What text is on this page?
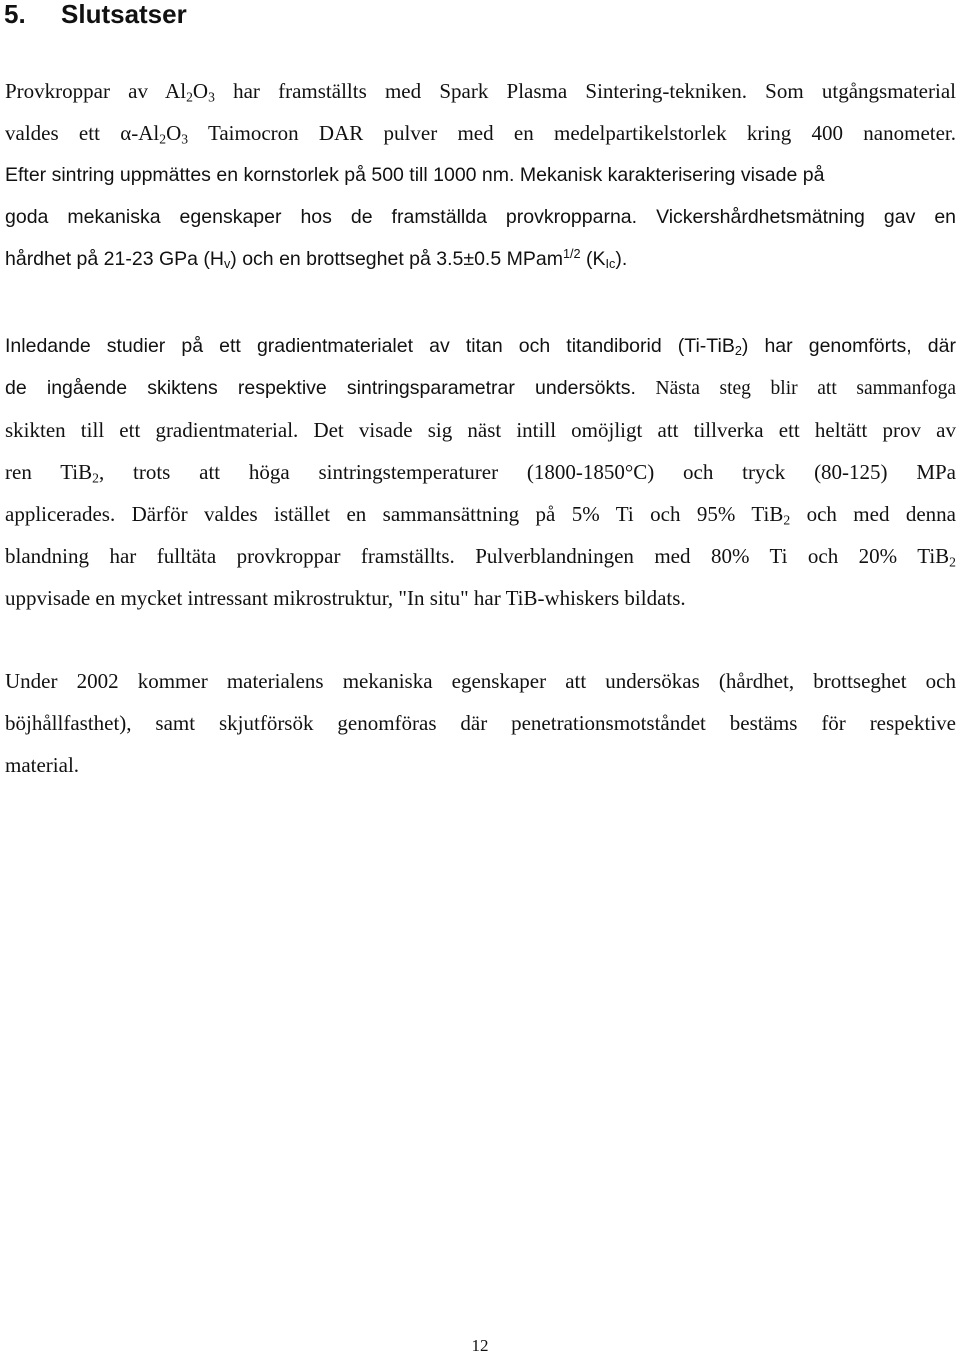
5. Slutsatser
Provkroppar av $Al_2O_3$ har framställts med Spark Plasma Sintering-tekniken. Som utgångsmaterial
valdes ett $\alpha-Al_2O_3$ Taimocron DAR pulver med en medelpartikelstorlek kring 400 nanometer.
Efter sintring uppmättes en kornstorlek på 500 till 1000 nm. Mekanisk karakterisering visade på
goda mekaniska egenskaper hos de framställda provkropparna. Vickershårdhetsmätning gav en
hårdhet på 21-23 GPa $(H_v)$ och en brottseghet på 3.5±0.5 MPam$^{1/2}$ $(K_{Ic})$.
Inledande studier på ett gradientmaterialet av titan och titandiborid (Ti-TiB$_2$) har genomförts, där
de ingående skiktens respektive sintringsparametrar undersökts. Nästa steg blir att sammanfoga
skikten till ett gradientmaterial. Det visade sig näst intill omöjligt att tillverka ett heltätt prov av
ren TiB$_2$, trots att höga sintringstemperaturer (1800-1850°C) och tryck (80-125) MPa
applicerades. Därför valdes istället en sammansättning på 5% Ti och 95% TiB$_2$ och med denna
blandning har fulltäta provkroppar framställts. Pulverblandningen med 80% Ti och 20% TiB$_2$
uppvisade en mycket intressant mikrostruktur, "In situ" har TiB-whiskers bildats.
Under 2002 kommer materialens mekaniska egenskaper att undersökas (hårdhet, brottseghet och
böjhållfasthet), samt skjutförsök genomföras där penetrationsmotståndet bestäms för respektive
material.
12
